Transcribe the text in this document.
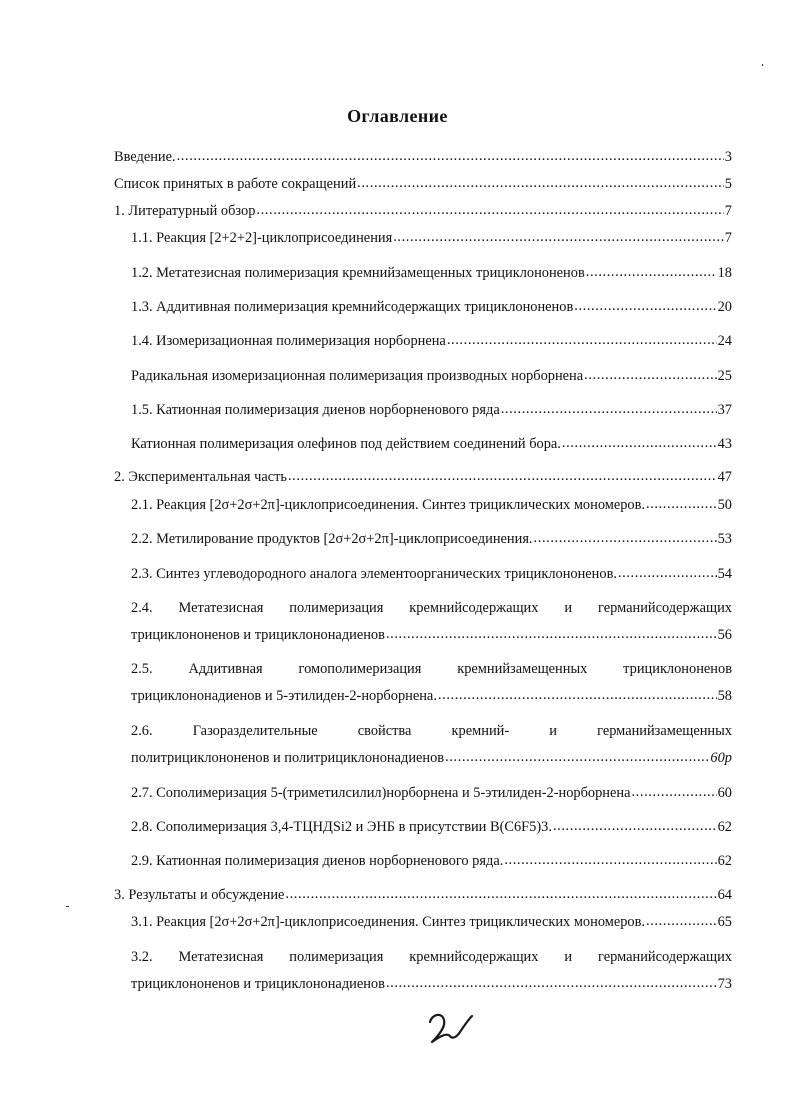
Оглавление
Введение. .....	3
Список принятых в работе сокращений .....	5
1. Литературный обзор .....	7
1.1. Реакция [2+2+2]-циклоприсоединения .....	7
1.2. Метатезисная полимеризация кремнийзамещенных трициклононенов .....	18
1.3. Аддитивная полимеризация кремнийсодержащих трициклононенов .....	20
1.4. Изомеризационная полимеризация норборнена .....	24
Радикальная изомеризационная полимеризация производных норборнена .....	25
1.5. Катионная полимеризация диенов норборненового ряда .....	37
Катионная полимеризация олефинов под действием соединений бора. .....	43
2. Экспериментальная часть .....	47
2.1. Реакция [2σ+2σ+2π]-циклоприсоединения. Синтез трициклических мономеров. .....	50
2.2. Метилирование продуктов [2σ+2σ+2π]-циклоприсоединения. .....	53
2.3. Синтез углеводородного аналога элементоорганических трициклононенов. .....	54
2.4. Метатезисная полимеризация кремнийсодержащих и германийсодержащих
трициклононенов и трициклононадиенов .....	56
2.5. Аддитивная гомополимеризация кремнийзамещенных трициклононенов
трициклононадиенов и 5-этилиден-2-норборнена. .....	58
2.6. Газоразделительные свойства кремний- и германийзамещенных
политрициклононенов и политрициклононадиенов .....	60p
2.7. Сополимеризация 5-(триметилсилил)норборнена и 5-этилиден-2-норборнена .....	60
2.8. Сополимеризация 3,4-ТЦНДSi2 и ЭНБ в присутствии B(C6F5)3. .....	62
2.9. Катионная полимеризация диенов норборненового ряда. .....	62
3. Результаты и обсуждение .....	64
3.1. Реакция [2σ+2σ+2π]-циклоприсоединения. Синтез трициклических мономеров. .....	65
3.2. Метатезисная полимеризация кремнийсодержащих и германийсодержащих
трициклононенов и трициклононадиенов .....	73
